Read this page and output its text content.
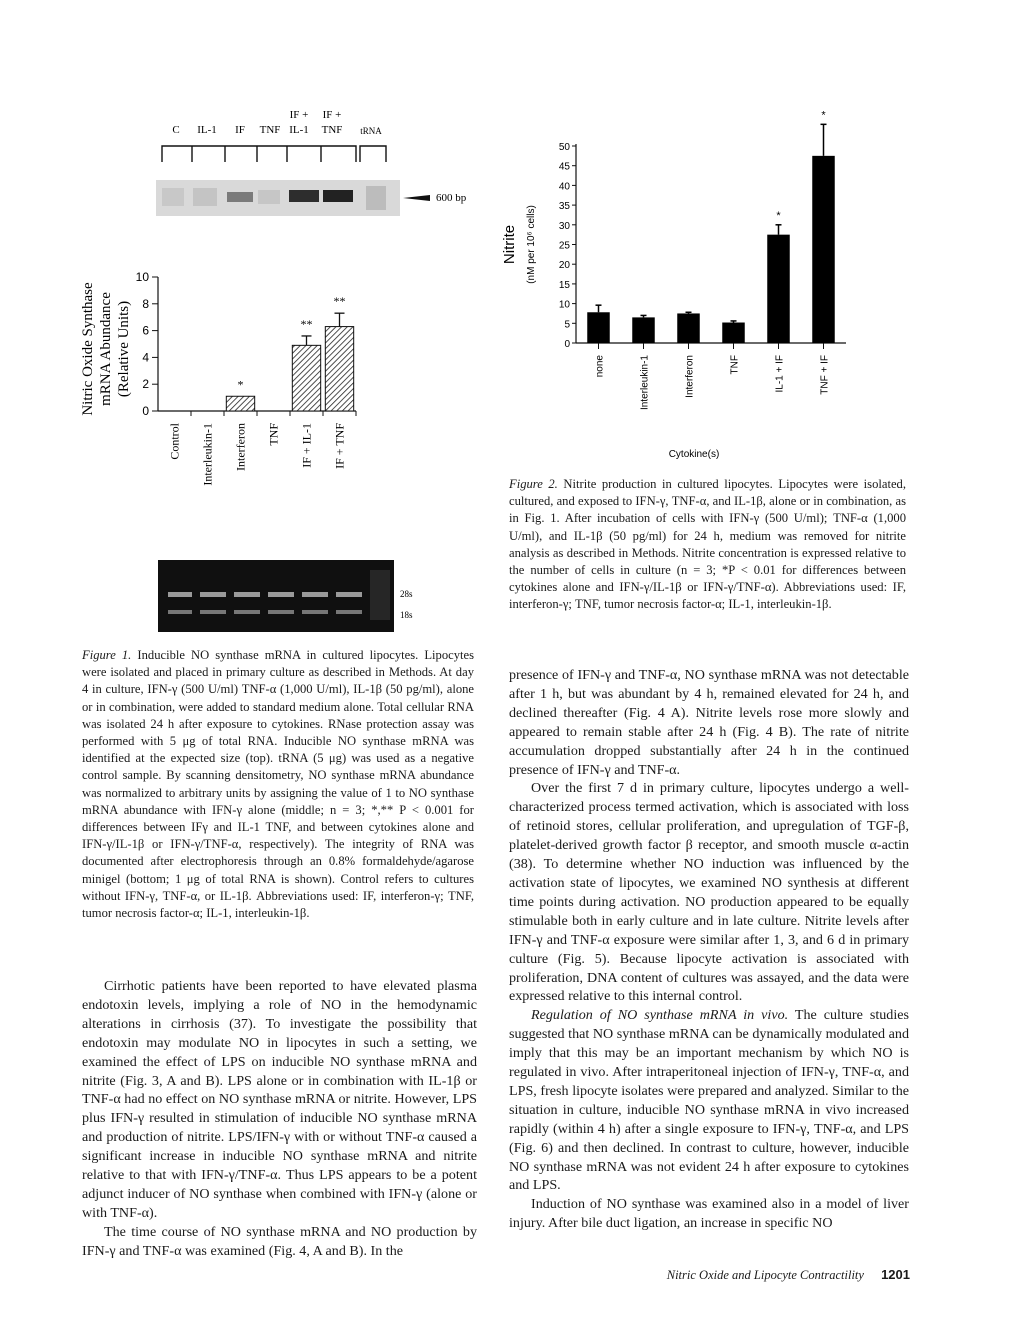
IF + IF +
C IL-1 IF TNF IL-1 TNF tRNA
600 bp
0
2
4
6
8
10
Control Interleukin-1
*
Interferon TNF
**
IF + IL-1
**
IF + TNF
Nitric Oxide Synthase mRNA Abundance (Relative Units)
28s
18s
Figure 1. Inducible NO synthase mRNA in cultured lipocytes. Lipocytes were isolated and placed in primary culture as described in Methods. At day 4 in culture, IFN-γ (500 U/ml) TNF-α (1,000 U/ml), IL-1β (50 pg/ml), alone or in combination, were added to standard medium alone. Total cellular RNA was isolated 24 h after exposure to cytokines. RNase protection assay was performed with 5 μg of total RNA. Inducible NO synthase mRNA was identified at the expected size (top). tRNA (5 μg) was used as a negative control sample. By scanning densitometry, NO synthase mRNA abundance was normalized to arbitrary units by assigning the value of 1 to NO synthase mRNA abundance with IFN-γ alone (middle; n = 3; *,** P < 0.001 for differences between IFγ and IL-1 TNF, and between cytokines alone and IFN-γ/IL-1β or IFN-γ/TNF-α, respectively). The integrity of RNA was documented after electrophoresis through an 0.8% formaldehyde/agarose minigel (bottom; 1 μg of total RNA is shown). Control refers to cultures without IFN-γ, TNF-α, or IL-1β. Abbreviations used: IF, interferon-γ; TNF, tumor necrosis factor-α; IL-1, interleukin-1β.
0
5
10
15
20
25
30
35
40
45
50
none	Interleukin-1	Interferon	TNF
*
IL-1 + IF
*
TNF + IF
Cytokine(s)
Nitrite (nM per 10⁶ cells)
Figure 2. Nitrite production in cultured lipocytes. Lipocytes were isolated, cultured, and exposed to IFN-γ, TNF-α, and IL-1β, alone or in combination, as in Fig. 1. After incubation of cells with IFN-γ (500 U/ml); TNF-α (1,000 U/ml), and IL-1β (50 pg/ml) for 24 h, medium was removed for nitrite analysis as described in Methods. Nitrite concentration is expressed relative to the number of cells in culture (n = 3; *P < 0.01 for differences between cytokines alone and IFN-γ/IL-1β or IFN-γ/TNF-α). Abbreviations used: IF, interferon-γ; TNF, tumor necrosis factor-α; IL-1, interleukin-1β.

Cirrhotic patients have been reported to have elevated plasma endotoxin levels, implying a role of NO in the hemodynamic alterations in cirrhosis (37). To investigate the possibility that endotoxin may modulate NO in lipocytes in such a setting, we examined the effect of LPS on inducible NO synthase mRNA and nitrite (Fig. 3, A and B). LPS alone or in combination with IL-1β or TNF-α had no effect on NO synthase mRNA or nitrite. However, LPS plus IFN-γ resulted in stimulation of inducible NO synthase mRNA and production of nitrite. LPS/IFN-γ with or without TNF-α caused a significant increase in inducible NO synthase mRNA and nitrite relative to that with IFN-γ/TNF-α. Thus LPS appears to be a potent adjunct inducer of NO synthase when combined with IFN-γ (alone or with TNF-α).

The time course of NO synthase mRNA and NO production by IFN-γ and TNF-α was examined (Fig. 4, A and B). In the

presence of IFN-γ and TNF-α, NO synthase mRNA was not detectable after 1 h, but was abundant by 4 h, remained elevated for 24 h, and declined thereafter (Fig. 4 A). Nitrite levels rose more slowly and appeared to remain stable after 24 h (Fig. 4 B). The rate of nitrite accumulation dropped substantially after 24 h in the continued presence of IFN-γ and TNF-α.

Over the first 7 d in primary culture, lipocytes undergo a well-characterized process termed activation, which is associated with loss of retinoid stores, cellular proliferation, and upregulation of TGF-β, platelet-derived growth factor β receptor, and smooth muscle α-actin (38). To determine whether NO induction was influenced by the activation state of lipocytes, we examined NO synthesis at different time points during activation. NO production appeared to be equally stimulable both in early culture and in late culture. Nitrite levels after IFN-γ and TNF-α exposure were similar after 1, 3, and 6 d in primary culture (Fig. 5). Because lipocyte activation is associated with proliferation, DNA content of cultures was assayed, and the data were expressed relative to this internal control.

Regulation of NO synthase mRNA in vivo. The culture studies suggested that NO synthase mRNA can be dynamically modulated and imply that this may be an important mechanism by which NO is regulated in vivo. After intraperitoneal injection of IFN-γ, TNF-α, and LPS, fresh lipocyte isolates were prepared and analyzed. Similar to the situation in culture, inducible NO synthase mRNA in vivo increased rapidly (within 4 h) after a single exposure to IFN-γ, TNF-α, and LPS (Fig. 6) and then declined. In contrast to culture, however, inducible NO synthase mRNA was not evident 24 h after exposure to cytokines and LPS.

Induction of NO synthase was examined also in a model of liver injury. After bile duct ligation, an increase in specific NO

Nitric Oxide and Lipocyte Contractility 1201
